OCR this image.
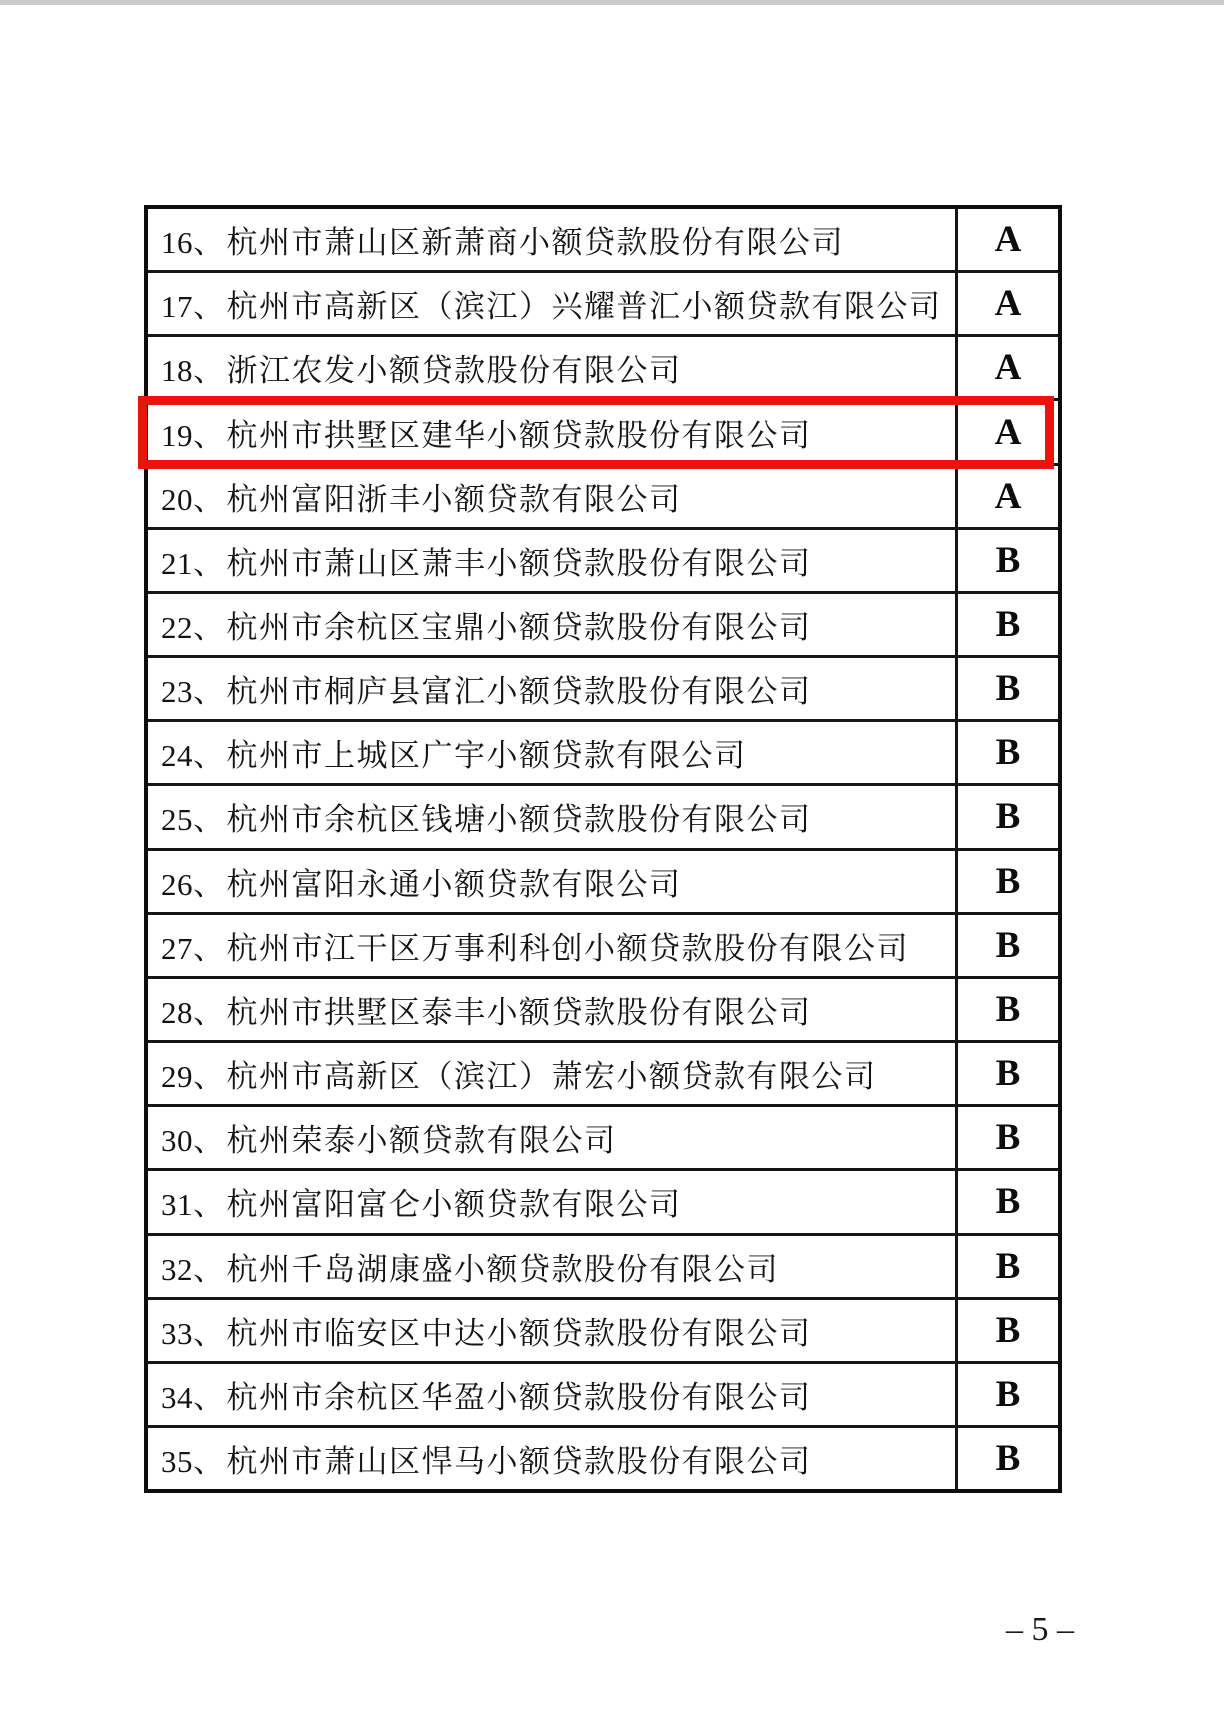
16、 杭州市萧山区新萧商小额贷款股份有限公司	A
17、 杭州市高新区（滨江）兴耀普汇小额贷款有限公司 A
18、 浙江农发小额贷款股份有限公司	A
19、 杭州市拱墅区建华小额贷款股份有限公司	A
20、 杭州富阳浙丰小额贷款有限公司	A
21、 杭州市萧山区萧丰小额贷款股份有限公司	B
22、 杭州市余杭区宝鼎小额贷款股份有限公司	B
23、 杭州市桐庐县富汇小额贷款股份有限公司	B
24、 杭州市上城区广宇小额贷款有限公司	B
25、 杭州市余杭区钱塘小额贷款股份有限公司	B
26、 杭州富阳永通小额贷款有限公司	B
27、 杭州市江干区万事利科创小额贷款股份有限公司 B
28、 杭州市拱墅区泰丰小额贷款股份有限公司	B
29、 杭州市高新区（滨江）萧宏小额贷款有限公司	B
30、 杭州荣泰小额贷款有限公司	B
31、 杭州富阳富仑小额贷款有限公司	B
32、 杭州千岛湖康盛小额贷款股份有限公司	B
33、 杭州市临安区中达小额贷款股份有限公司	B
34、 杭州市余杭区华盈小额贷款股份有限公司	B
35、 杭州市萧山区悍马小额贷款股份有限公司	B
– 5 –
